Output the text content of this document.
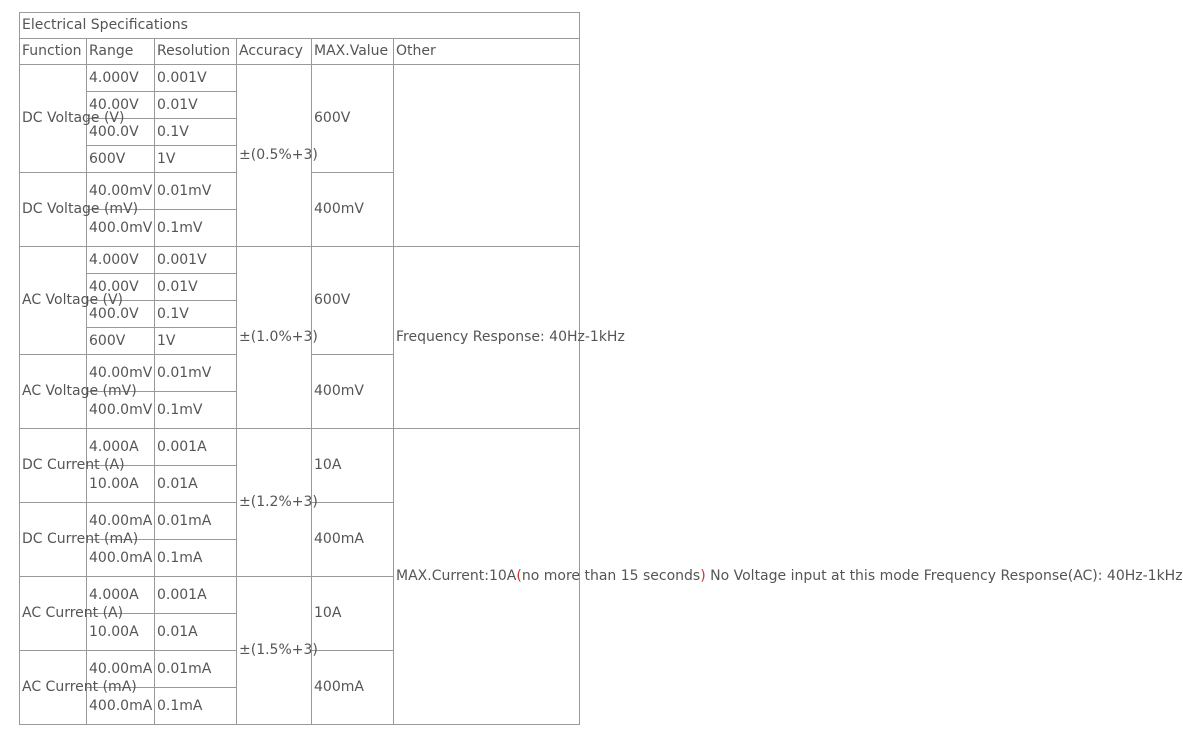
Electrical Specifications					
Function	Range	Resolution	Accuracy	MAX.Value	Other
DC Voltage (V)	4.000V	0.001V	±(0.5%+3)	600V	
	40.00V	0.01V			
	400.0V	0.1V			
	600V	1V			
DC Voltage (mV)	40.00mV	0.01mV		400mV	
	400.0mV	0.1mV			
AC Voltage (V)	4.000V	0.001V	±(1.0%+3)	600V	Frequency Response: 40Hz-1kHz
	40.00V	0.01V			
	400.0V	0.1V			
	600V	1V			
AC Voltage (mV)	40.00mV	0.01mV		400mV	
	400.0mV	0.1mV			
DC Current (A)	4.000A	0.001A	±(1.2%+3)	10A	MAX.Current:10A(no more than 15 seconds) No Voltage input at this mode Frequency Response(AC): 40Hz-1kHz
	10.00A	0.01A			
DC Current (mA)	40.00mA	0.01mA		400mA	
	400.0mA	0.1mA			
AC Current (A)	4.000A	0.001A	±(1.5%+3)	10A	
	10.00A	0.01A			
AC Current (mA)	40.00mA	0.01mA		400mA	
	400.0mA	0.1mA			
